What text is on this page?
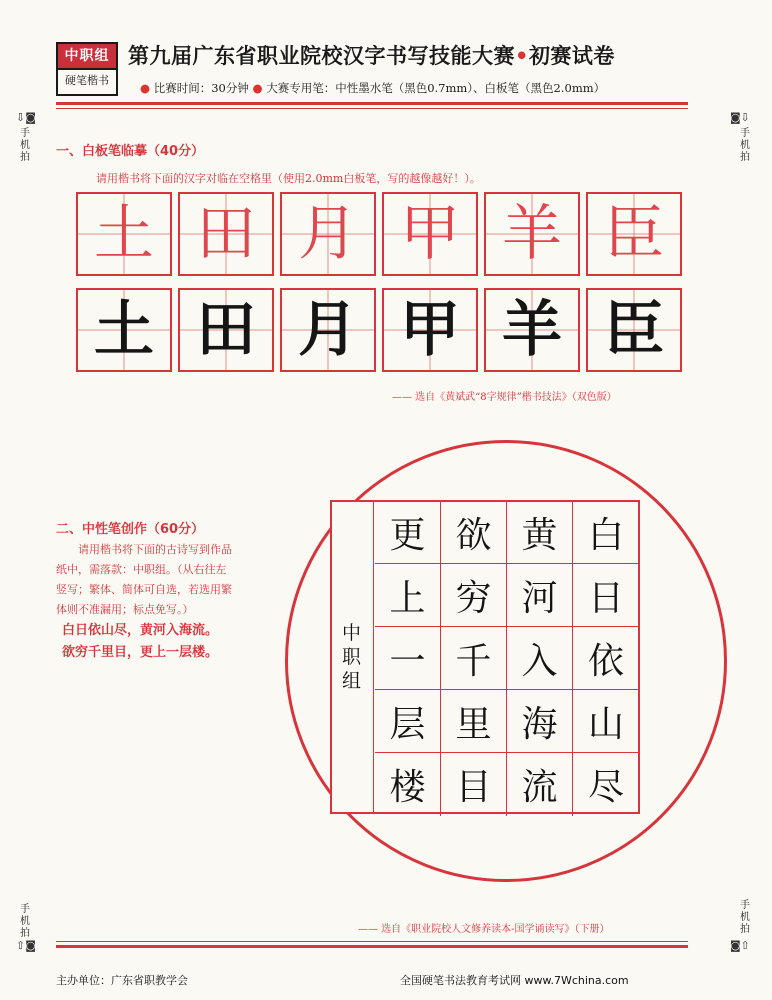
中职组
硬笔楷书
第九届广东省职业院校汉字书写技能大赛•初赛试卷
● 比赛时间：30分钟 ● 大赛专用笔：中性墨水笔（黑色0.7mm）、白板笔（黑色2.0mm）
⇩◙
手机拍
◙⇩
手机拍
手机拍
⇧◙
手机拍
◙⇧
一、白板笔临摹（40分）
请用楷书将下面的汉字对临在空格里（使用2.0mm白板笔，写的越像越好！）。
土 田 月 甲 羊 臣
土 田 月 甲 羊 臣
—— 选自《黄斌武“8字规律”楷书技法》（双色版）
中
职
组
更
上
一
层
楼
欲
穷
千
里
目
黄
河
入
海
流
白
日
依
山
尽
二、中性笔创作（60分）
请用楷书将下面的古诗写到作品纸中，需落款：中职组。（从右往左竖写；繁体、简体可自选，若选用繁体则不准漏用；标点免写。）
白日依山尽，黄河入海流。
欲穷千里目，更上一层楼。
—— 选自《职业院校人文修养读本-国学诵读写》（下册）
主办单位：广东省职教学会	全国硬笔书法教育考试网 www.7Wchina.com
